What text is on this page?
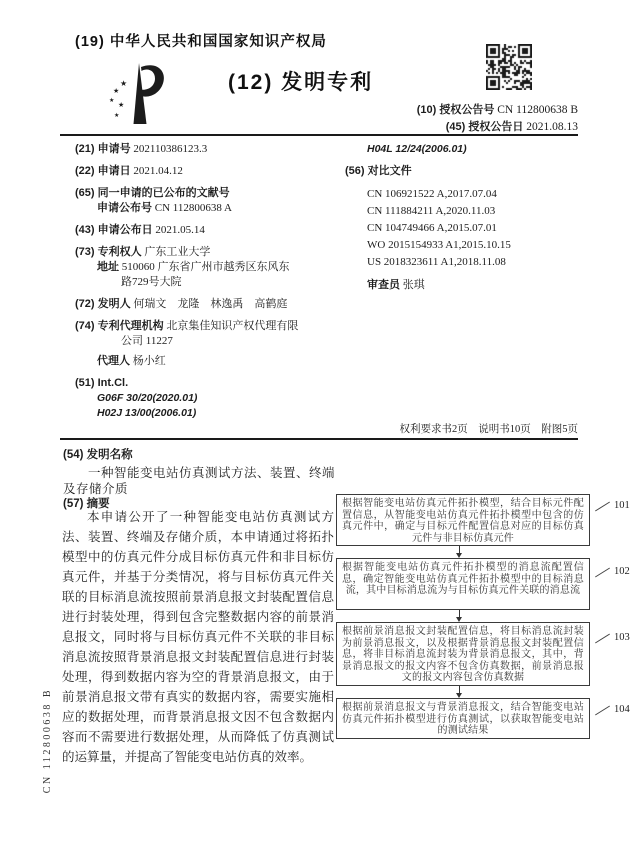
CN 112800638 B
(19) 中华人民共和国国家知识产权局
★
★
★ ★
★
(12) 发明专利
(10) 授权公告号 CN 112800638 B
(45) 授权公告日 2021.08.13
(21) 申请号 202110386123.3
(22) 申请日 2021.04.12
(65) 同一申请的已公布的文献号
申请公布号 CN 112800638 A
(43) 申请公布日 2021.05.14
(73) 专利权人 广东工业大学
地址 510060 广东省广州市越秀区东风东
路729号大院
(72) 发明人 何瑞文　龙隆　林逸禹　高鹤庭
(74) 专利代理机构 北京集佳知识产权代理有限
公司 11227
代理人 杨小红
(51) Int.Cl.
G06F 30/20(2020.01)
H02J 13/00(2006.01)
H04L 12/24(2006.01)
(56) 对比文件
CN 106921522 A,2017.07.04
CN 111884211 A,2020.11.03
CN 104749466 A,2015.07.01
WO 2015154933 A1,2015.10.15
US 2018323611 A1,2018.11.08
审查员 张琪
权利要求书2页　说明书10页　附图5页
(54) 发明名称
一种智能变电站仿真测试方法、装置、终端
及存储介质
(57) 摘要
本申请公开了一种智能变电站仿真测试方法、装置、终端及存储介质，本申请通过将拓扑模型中的仿真元件分成目标仿真元件和非目标仿真元件，并基于分类情况，将与目标仿真元件关联的目标消息流按照前景消息报文封装配置信息进行封装处理，得到包含完整数据内容的前景消息报文，同时将与目标仿真元件不关联的非目标消息流按照背景消息报文封装配置信息进行封装处理，得到数据内容为空的背景消息报文，由于前景消息报文带有真实的数据内容，需要实施相应的数据处理，而背景消息报文因不包含数据内容而不需要进行数据处理，从而降低了仿真测试的运算量，并提高了智能变电站仿真的效率。
根据智能变电站仿真元件拓扑模型，结合目标元件配置信息，从智能变电站仿真元件拓扑模型中包含的仿真元件中，确定与目标元件配置信息对应的目标仿真元件与非目标仿真元件
101
根据智能变电站仿真元件拓扑模型的消息流配置信息，确定智能变电站仿真元件拓扑模型中的目标消息流，其中目标消息流为与目标仿真元件关联的消息流
102
根据前景消息报文封装配置信息，将目标消息流封装为前景消息报文，以及根据背景消息报文封装配置信息，将非目标消息流封装为背景消息报文，其中，背景消息报文的报文内容不包含仿真数据，前景消息报文的报文内容包含仿真数据
103
根据前景消息报文与背景消息报文，结合智能变电站仿真元件拓扑模型进行仿真测试，以获取智能变电站的测试结果
104
